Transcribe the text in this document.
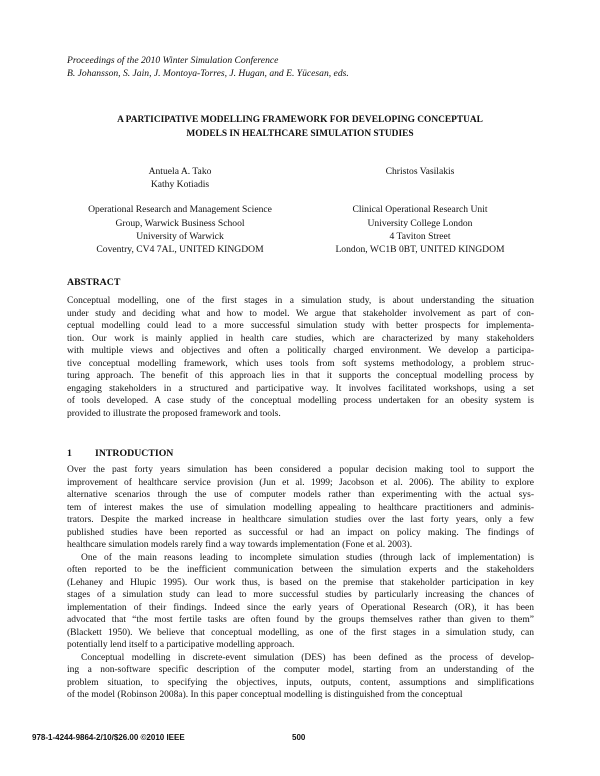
Proceedings of the 2010 Winter Simulation Conference
B. Johansson, S. Jain, J. Montoya-Torres, J. Hugan, and E. Yücesan, eds.
A PARTICIPATIVE MODELLING FRAMEWORK FOR DEVELOPING CONCEPTUAL
MODELS IN HEALTHCARE SIMULATION STUDIES
Antuela A. Tako
Kathy Kotiadis
Operational Research and Management Science
Group, Warwick Business School
University of Warwick
Coventry, CV4 7AL, UNITED KINGDOM
Christos Vasilakis
Clinical Operational Research Unit
University College London
4 Taviton Street
London, WC1B 0BT, UNITED KINGDOM
ABSTRACT
Conceptual modelling, one of the first stages in a simulation study, is about understanding the situation
under study and deciding what and how to model. We argue that stakeholder involvement as part of con-
ceptual modelling could lead to a more successful simulation study with better prospects for implementa-
tion. Our work is mainly applied in health care studies, which are characterized by many stakeholders
with multiple views and objectives and often a politically charged environment. We develop a participa-
tive conceptual modelling framework, which uses tools from soft systems methodology, a problem struc-
turing approach. The benefit of this approach lies in that it supports the conceptual modelling process by
engaging stakeholders in a structured and participative way. It involves facilitated workshops, using a set
of tools developed. A case study of the conceptual modelling process undertaken for an obesity system is
provided to illustrate the proposed framework and tools.
1 INTRODUCTION
Over the past forty years simulation has been considered a popular decision making tool to support the
improvement of healthcare service provision (Jun et al. 1999; Jacobson et al. 2006). The ability to explore
alternative scenarios through the use of computer models rather than experimenting with the actual sys-
tem of interest makes the use of simulation modelling appealing to healthcare practitioners and adminis-
trators. Despite the marked increase in healthcare simulation studies over the last forty years, only a few
published studies have been reported as successful or had an impact on policy making. The findings of
healthcare simulation models rarely find a way towards implementation (Fone et al. 2003).
One of the main reasons leading to incomplete simulation studies (through lack of implementation) is
often reported to be the inefficient communication between the simulation experts and the stakeholders
(Lehaney and Hlupic 1995). Our work thus, is based on the premise that stakeholder participation in key
stages of a simulation study can lead to more successful studies by particularly increasing the chances of
implementation of their findings. Indeed since the early years of Operational Research (OR), it has been
advocated that “the most fertile tasks are often found by the groups themselves rather than given to them”
(Blackett 1950). We believe that conceptual modelling, as one of the first stages in a simulation study, can
potentially lend itself to a participative modelling approach.
Conceptual modelling in discrete-event simulation (DES) has been defined as the process of develop-
ing a non-software specific description of the computer model, starting from an understanding of the
problem situation, to specifying the objectives, inputs, outputs, content, assumptions and simplifications
of the model (Robinson 2008a). In this paper conceptual modelling is distinguished from the conceptual
978-1-4244-9864-2/10/$26.00 ©2010 IEEE	500
